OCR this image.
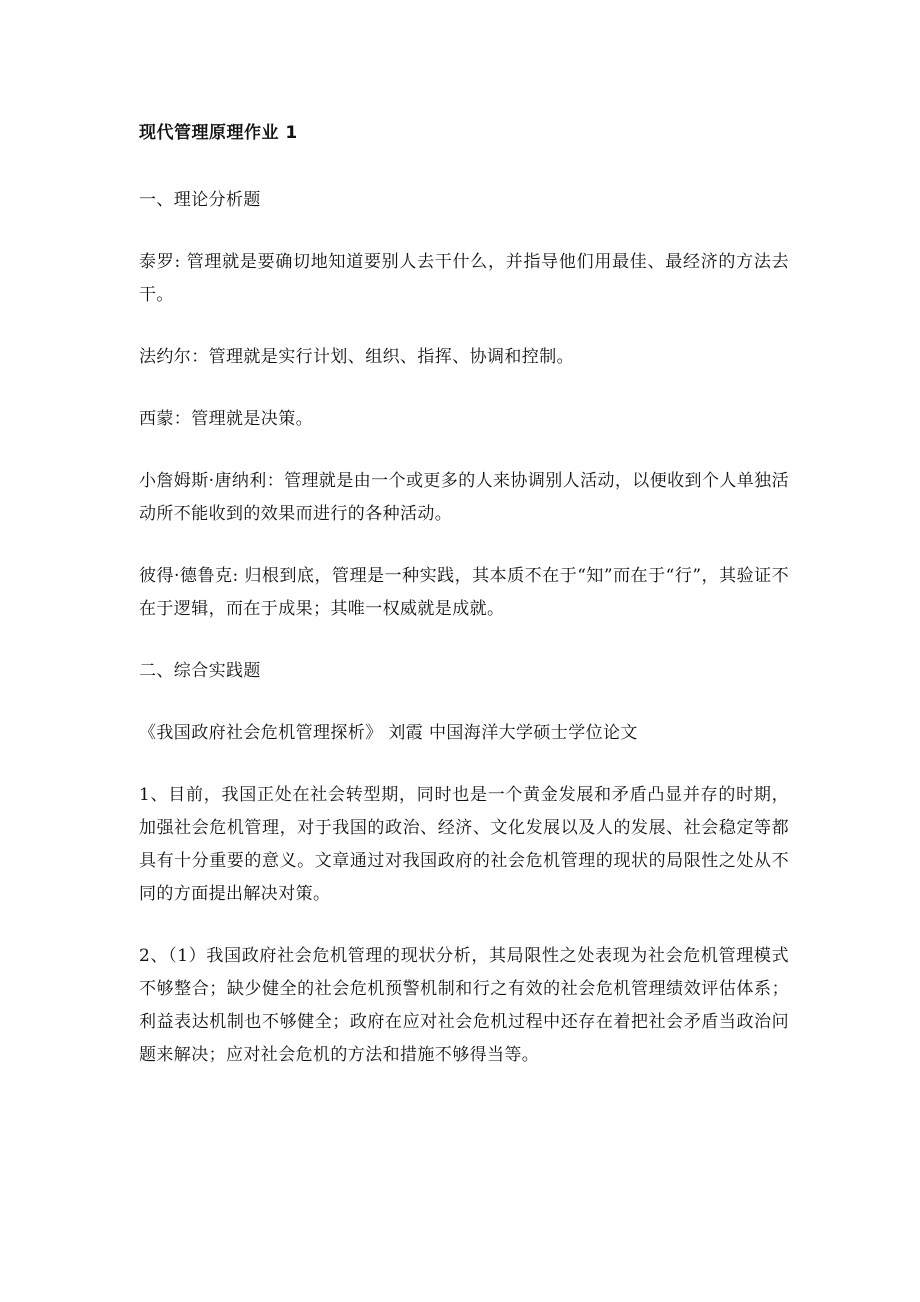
现代管理原理作业 1
一、理论分析题
泰罗: 管理就是要确切地知道要别人去干什么，并指导他们用最佳、最经济的方法去干。
法约尔：管理就是实行计划、组织、指挥、协调和控制。
西蒙：管理就是决策。
小詹姆斯·唐纳利：管理就是由一个或更多的人来协调别人活动，以便收到个人单独活动所不能收到的效果而进行的各种活动。
彼得·德鲁克: 归根到底，管理是一种实践，其本质不在于“知”而在于“行”，其验证不在于逻辑，而在于成果；其唯一权威就是成就。
二、综合实践题
《我国政府社会危机管理探析》 刘霞 中国海洋大学硕士学位论文
1、目前，我国正处在社会转型期，同时也是一个黄金发展和矛盾凸显并存的时期，加强社会危机管理，对于我国的政治、经济、文化发展以及人的发展、社会稳定等都具有十分重要的意义。文章通过对我国政府的社会危机管理的现状的局限性之处从不同的方面提出解决对策。
2、（1）我国政府社会危机管理的现状分析，其局限性之处表现为社会危机管理模式不够整合；缺少健全的社会危机预警机制和行之有效的社会危机管理绩效评估体系；利益表达机制也不够健全；政府在应对社会危机过程中还存在着把社会矛盾当政治问题来解决；应对社会危机的方法和措施不够得当等。
